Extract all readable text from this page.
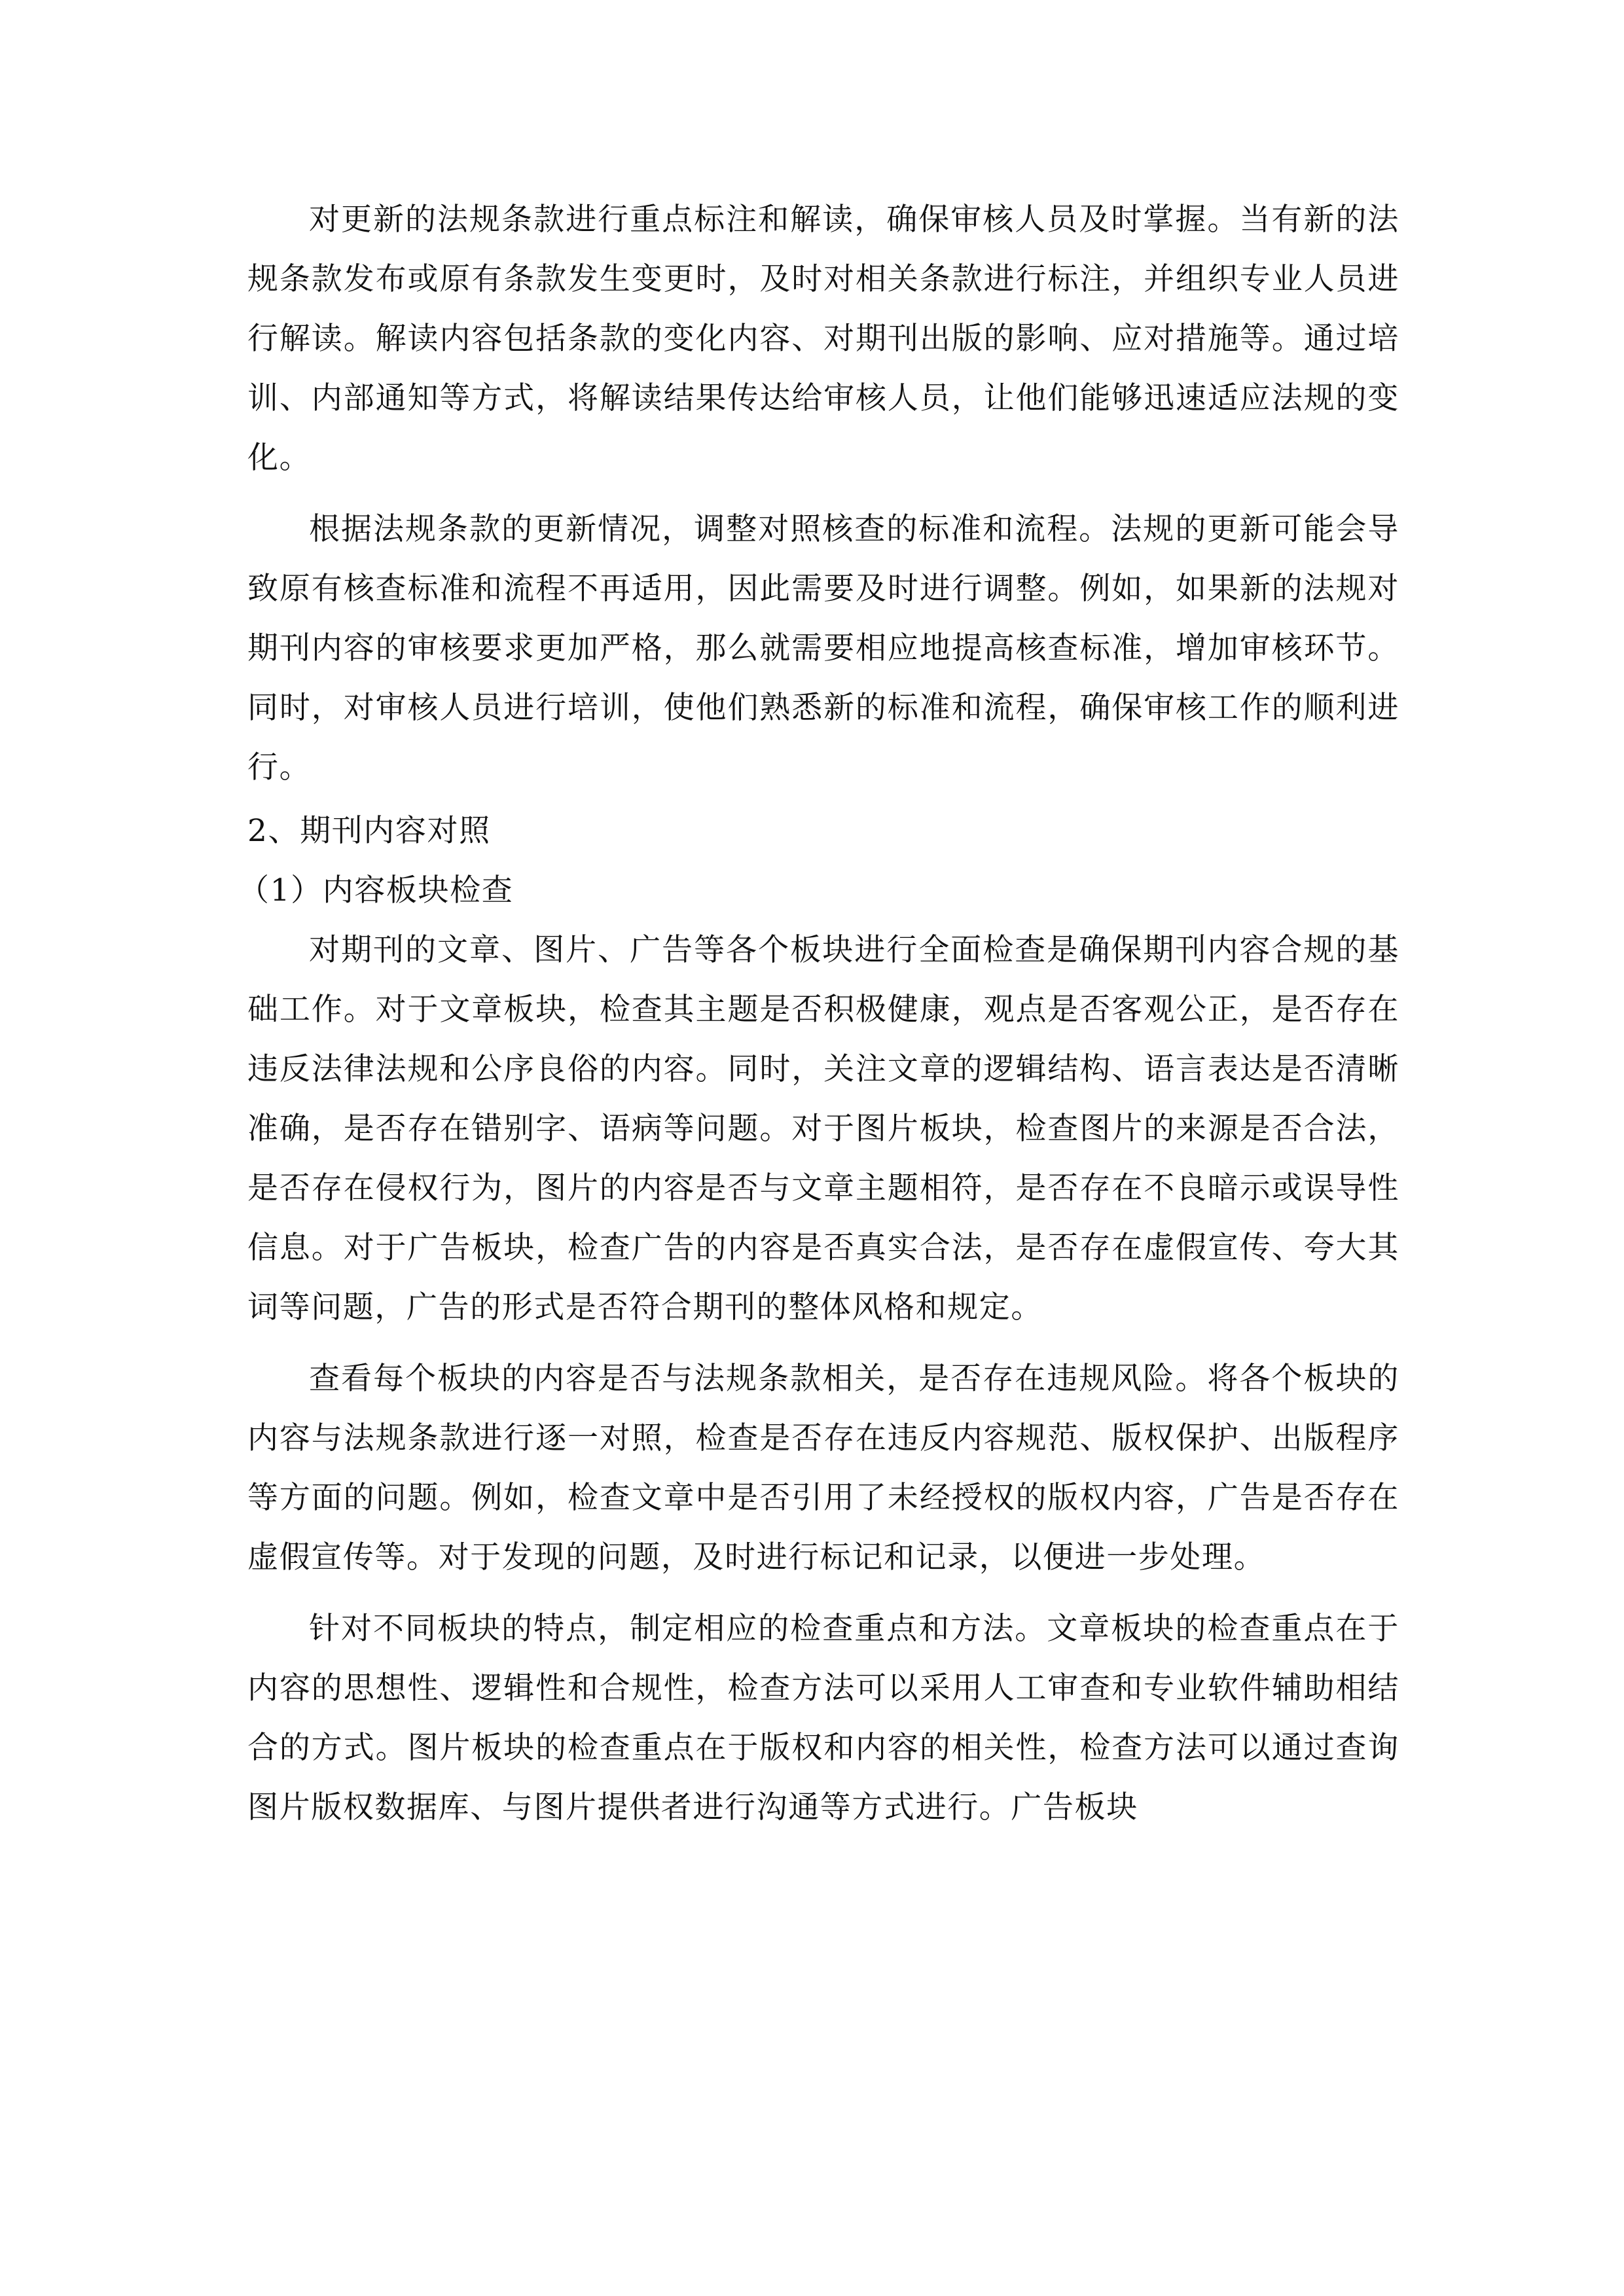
对更新的法规条款进行重点标注和解读，确保审核人员及时掌握。当有新的法规条款发布或原有条款发生变更时，及时对相关条款进行标注，并组织专业人员进行解读。解读内容包括条款的变化内容、对期刊出版的影响、应对措施等。通过培训、内部通知等方式，将解读结果传达给审核人员，让他们能够迅速适应法规的变化。

根据法规条款的更新情况，调整对照核查的标准和流程。法规的更新可能会导致原有核查标准和流程不再适用，因此需要及时进行调整。例如，如果新的法规对期刊内容的审核要求更加严格，那么就需要相应地提高核查标准，增加审核环节。同时，对审核人员进行培训，使他们熟悉新的标准和流程，确保审核工作的顺利进行。

2、期刊内容对照

（1）内容板块检查

对期刊的文章、图片、广告等各个板块进行全面检查是确保期刊内容合规的基础工作。对于文章板块，检查其主题是否积极健康，观点是否客观公正，是否存在违反法律法规和公序良俗的内容。同时，关注文章的逻辑结构、语言表达是否清晰准确，是否存在错别字、语病等问题。对于图片板块，检查图片的来源是否合法，是否存在侵权行为，图片的内容是否与文章主题相符，是否存在不良暗示或误导性信息。对于广告板块，检查广告的内容是否真实合法，是否存在虚假宣传、夸大其词等问题，广告的形式是否符合期刊的整体风格和规定。

查看每个板块的内容是否与法规条款相关，是否存在违规风险。将各个板块的内容与法规条款进行逐一对照，检查是否存在违反内容规范、版权保护、出版程序等方面的问题。例如，检查文章中是否引用了未经授权的版权内容，广告是否存在虚假宣传等。对于发现的问题，及时进行标记和记录，以便进一步处理。

针对不同板块的特点，制定相应的检查重点和方法。文章板块的检查重点在于内容的思想性、逻辑性和合规性，检查方法可以采用人工审查和专业软件辅助相结合的方式。图片板块的检查重点在于版权和内容的相关性，检查方法可以通过查询图片版权数据库、与图片提供者进行沟通等方式进行。广告板块
